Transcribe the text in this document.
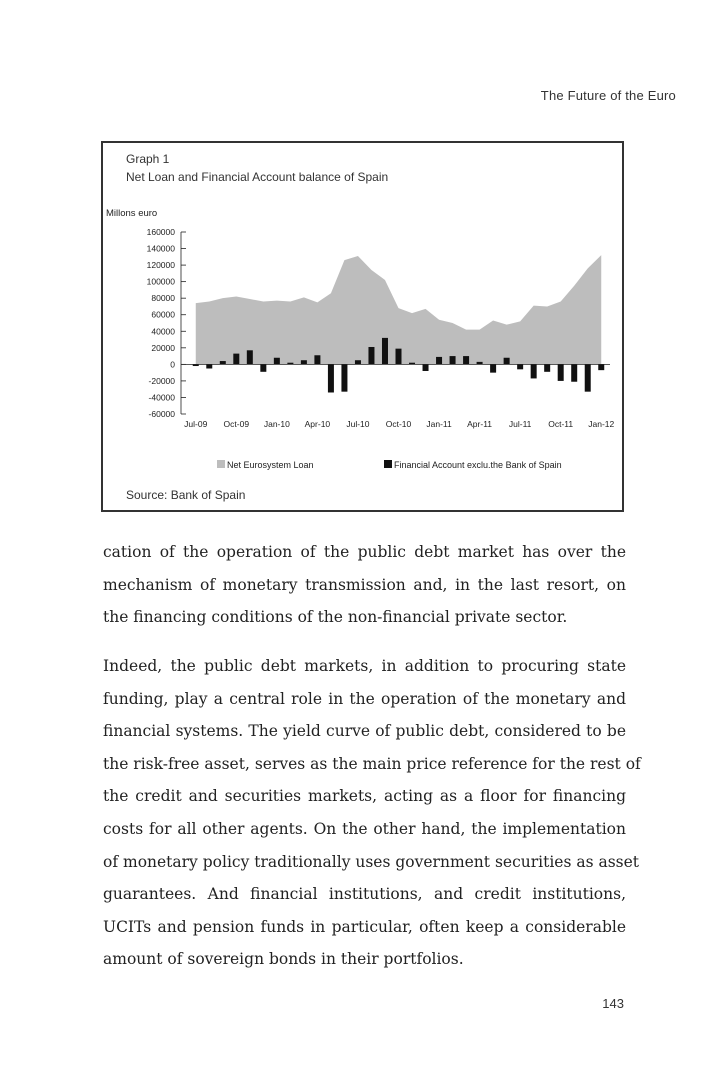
The Future of the Euro
Graph 1
Net Loan and Financial Account balance of Spain
Millons euro
160000
140000
120000
100000
80000
60000
40000
20000
0
-20000
-40000
-60000
Jul-09 Oct-09 Jan-10 Apr-10 Jul-10 Oct-10 Jan-11 Apr-11 Jul-11 Oct-11 Jan-12
Net Eurosystem Loan	Financial Account exclu.the Bank of Spain
Source: Bank of Spain
cation of the operation of the public debt market has over the
mechanism of monetary transmission and, in the last resort, on
the financing conditions of the non-financial private sector.
Indeed, the public debt markets, in addition to procuring state
funding, play a central role in the operation of the monetary and
financial systems. The yield curve of public debt, considered to be
the risk-free asset, serves as the main price reference for the rest of
the credit and securities markets, acting as a floor for financing
costs for all other agents. On the other hand, the implementation
of monetary policy traditionally uses government securities as asset
guarantees. And financial institutions, and credit institutions,
UCITs and pension funds in particular, often keep a considerable
amount of sovereign bonds in their portfolios.
143
